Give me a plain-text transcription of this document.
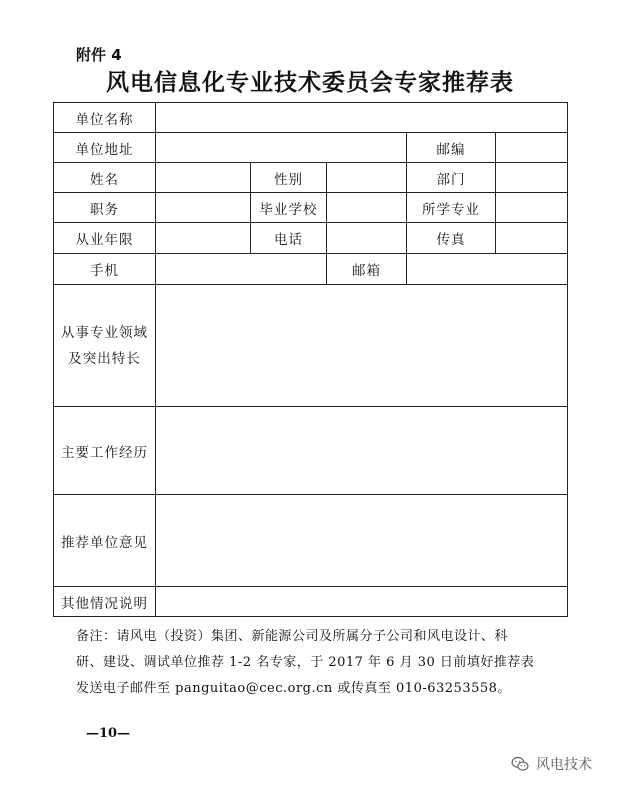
附件 4
风电信息化专业技术委员会专家推荐表
单位名称					
单位地址				邮编	
姓名		性别		部门	
职务		毕业学校		所学专业	
从业年限		电话		传真	
手机			邮箱		

从事专业领域
及突出特长					

主要工作经历					
推荐单位意见					
其他情况说明					
备注：请风电（投资）集团、新能源公司及所属分子公司和风电设计、科
研、建设、调试单位推荐 1-2 名专家，于 2017 年 6 月 30 日前填好推荐表
发送电子邮件至 panguitao@cec.org.cn 或传真至 010-63253558。
—10—
风电技术
